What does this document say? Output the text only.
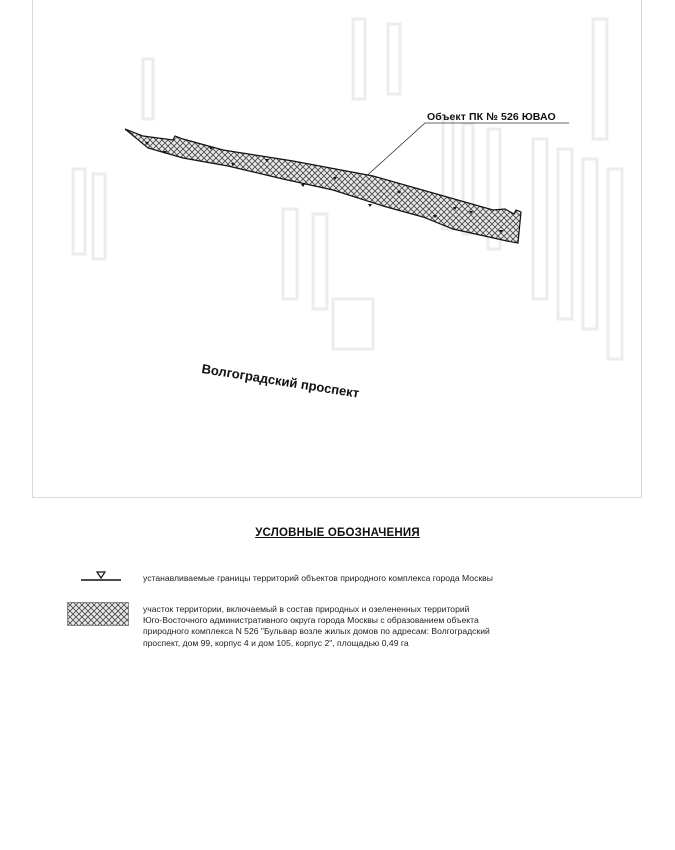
Объект ПК № 526 ЮВАО
Волгоградский проспект
УСЛОВНЫЕ ОБОЗНАЧЕНИЯ
устанавливаемые границы территорий объектов природного комплекса города Москвы
участок территории, включаемый в состав природных и озелененных территорий
Юго-Восточного административного округа города Москвы с образованием объекта
природного комплекса N 526 "Бульвар возле жилых домов по адресам: Волгоградский
проспект, дом 99, корпус 4 и дом 105, корпус 2", площадью 0,49 га
